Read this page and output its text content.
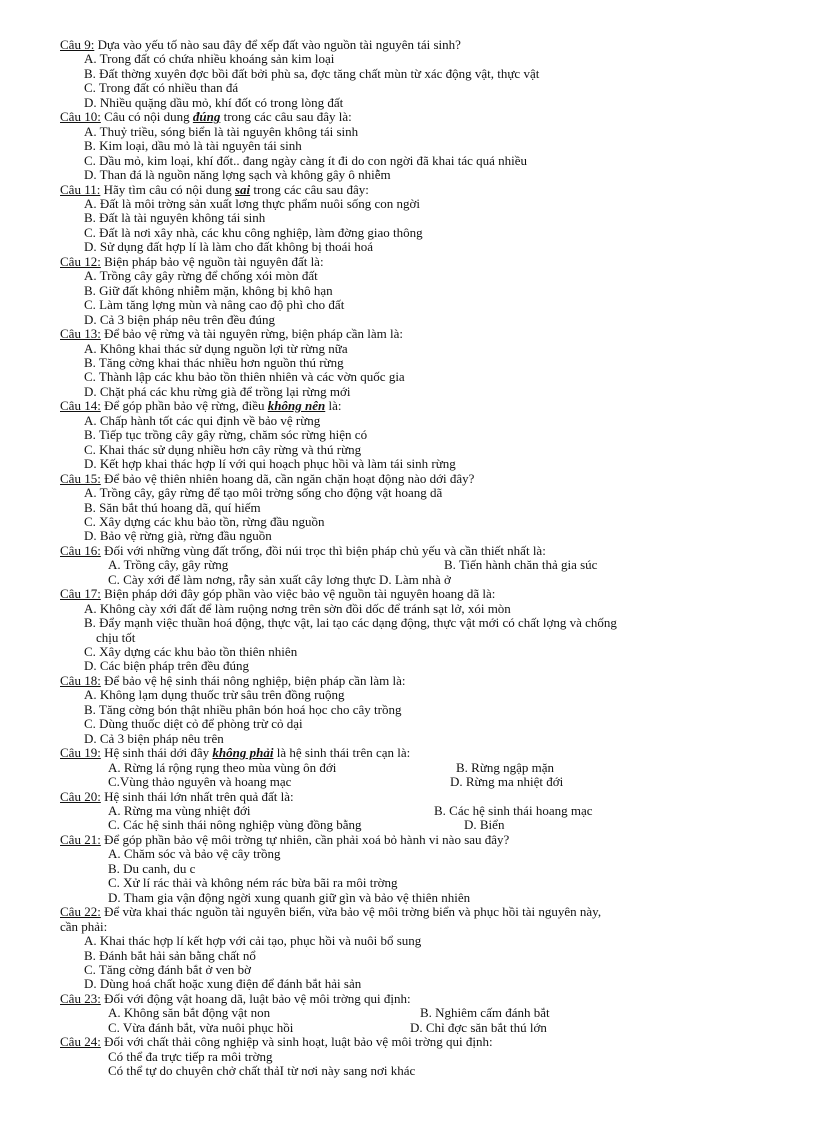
Câu 9: Dựa vào yếu tố nào sau đây để xếp đất vào nguồn tài nguyên tái sinh?
A. Trong đất có chứa nhiều khoáng sản kim loại
B. Đất thờng xuyên đợc bồi đất bởi phù sa, đợc tăng chất mùn từ xác động vật, thực vật
C. Trong đất có nhiều than đá
D. Nhiều quặng dầu mỏ, khí đốt có trong lòng đất
Câu 10: Câu có nội dung đúng trong các câu sau đây là:
A. Thuỷ triều, sóng biển là tài nguyên không tái sinh
B. Kim loại, dầu mỏ là tài nguyên tái sinh
C. Dầu mỏ, kim loại, khí đốt.. đang ngày càng ít đi do con ngời đã khai tác quá nhiều
D. Than đá là nguồn năng lợng sạch và không gây ô nhiễm
Câu 11: Hãy tìm câu có nội dung sai trong các câu sau đây:
A. Đất là môi trờng sản xuất lơng thực phẩm nuôi sống con ngời
B. Đất là tài nguyên không tái sinh
C. Đất là nơi xây nhà, các khu công nghiệp, làm đờng giao thông
D. Sử dụng đất hợp lí là làm cho đất không bị thoái hoá
Câu 12: Biện pháp bảo vệ nguồn tài nguyên đất là:
A. Trồng cây gây rừng để chống xói mòn đất
B. Giữ đất không nhiễm mặn, không bị khô hạn
C. Làm tăng lợng mùn và nâng cao độ phì cho đất
D. Cả 3 biện pháp nêu trên đều đúng
Câu 13: Để bảo vệ rừng và tài nguyên rừng, biện pháp cần làm là:
A. Không khai thác sử dụng nguồn lợi từ rừng nữa
B. Tăng cờng khai thác nhiều hơn nguồn thú rừng
C. Thành lập các khu bảo tồn thiên nhiên và các vờn quốc gia
D. Chặt phá các khu rừng già để trồng lại rừng mới
Câu 14: Để góp phần bảo vệ rừng, điều không nên là:
A. Chấp hành tốt các qui định về bảo vệ rừng
B. Tiếp tục trồng cây gây rừng, chăm sóc rừng hiện có
C. Khai thác sử dụng nhiều hơn cây rừng và thú rừng
D. Kết hợp khai thác hợp lí với qui hoạch phục hồi và làm tái sinh rừng
Câu 15: Để bảo vệ thiên nhiên hoang dã, cần ngăn chặn hoạt động nào dới đây?
A. Trồng cây, gây rừng để tạo môi trờng sống cho động vật hoang dã
B. Săn bắt thú hoang dã, quí hiếm
C. Xây dựng các khu bảo tồn, rừng đầu nguồn
D. Bảo vệ rừng già, rừng đầu nguồn
Câu 16: Đối với những vùng đất trống, đồi núi trọc thì biện pháp chủ yếu và cần thiết nhất là:
A. Trồng cây, gây rừng	B. Tiến hành chăn thả gia súc
C. Cày xới để làm nơng, rẫy sản xuất cây lơng thực D. Làm nhà ở
Câu 17: Biện pháp dới đây góp phần vào việc bảo vệ nguồn tài nguyên hoang dã là:
A. Không cày xới đất để làm ruộng nơng trên sờn đồi dốc để tránh sạt lở, xói mòn
B. Đẩy mạnh việc thuần hoá động, thực vật, lai tạo các dạng động, thực vật mới có chất lợng và chống
chịu tốt
C. Xây dựng các khu bảo tồn thiên nhiên
D. Các biện pháp trên đều đúng
Câu 18: Để bảo vệ hệ sinh thái nông nghiệp, biện pháp cần làm là:
A. Không lạm dụng thuốc trừ sâu trên đồng ruộng
B. Tăng cờng bón thật nhiều phân bón hoá học cho cây trồng
C. Dùng thuốc diệt cỏ để phòng trừ cỏ dại
D. Cả 3 biện pháp nêu trên
Câu 19: Hệ sinh thái dới đây không phải là hệ sinh thái trên cạn là:
A. Rừng lá rộng rụng theo mùa vùng ôn đới	B. Rừng ngập mặn
C.Vùng thảo nguyên và hoang mạc	D. Rừng ma nhiệt đới
Câu 20: Hệ sinh thái lớn nhất trên quả đất là:
A. Rừng ma vùng nhiệt đới	B. Các hệ sinh thái hoang mạc
C. Các hệ sinh thái nông nghiệp vùng đồng bằng	D. Biển
Câu 21: Để góp phần bảo vệ môi trờng tự nhiên, cần phải xoá bỏ hành vi nào sau đây?
A. Chăm sóc và bảo vệ cây trồng
B. Du canh, du c
C. Xử lí rác thải và không ném rác bừa bãi ra môi trờng
D. Tham gia vận động ngời xung quanh giữ gìn và bảo vệ thiên nhiên
Câu 22: Để vừa khai thác nguồn tài nguyên biển, vừa bảo vệ môi trờng biển và phục hồi tài nguyên này,
cần phải:
A. Khai thác hợp lí kết hợp với cải tạo, phục hồi và nuôi bổ sung
B. Đánh bắt hải sản bằng chất nổ
C. Tăng cờng đánh bắt ở ven bờ
D. Dùng hoá chất hoặc xung điện để đánh bắt hải sản
Câu 23: Đối với động vật hoang dã, luật bảo vệ môi trờng qui định:
A. Không săn bắt động vật non	B. Nghiêm cấm đánh bắt
C. Vừa đánh bắt, vừa nuôi phục hồi	D. Chỉ đợc săn bắt thú lớn
Câu 24: Đối với chất thải công nghiệp và sinh hoạt, luật bảo vệ môi trờng qui định:
Có thể đa trực tiếp ra môi trờng
Có thể tự do chuyên chở chất thảI từ nơi này sang nơi khác
